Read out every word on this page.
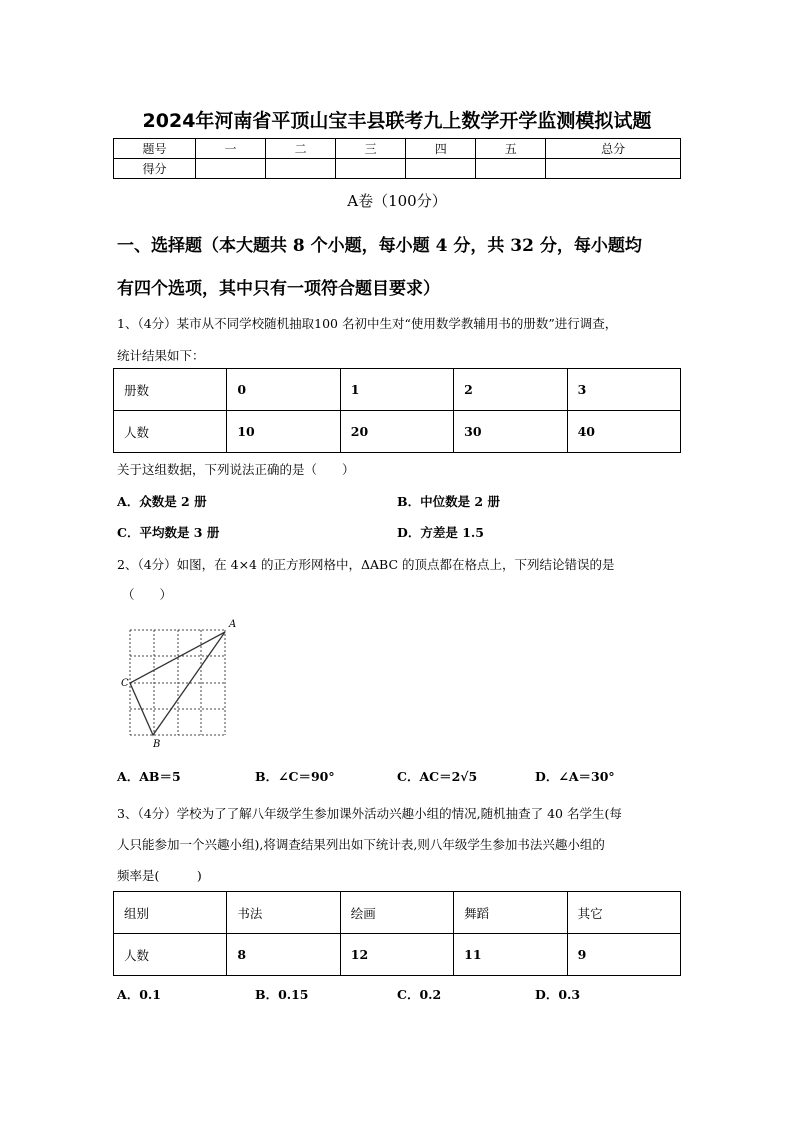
2024年河南省平顶山宝丰县联考九上数学开学监测模拟试题
题号	一	二	三	四	五	总分
得分						
A卷（100分）
一、选择题（本大题共 8 个小题，每小题 4 分，共 32 分，每小题均
有四个选项，其中只有一项符合题目要求）
1、（4分）某市从不同学校随机抽取100 名初中生对“使用数学教辅用书的册数”进行调查，
统计结果如下：
册数	0	1	2	3
人数	10	20	30	40
关于这组数据，下列说法正确的是（　　）
A．众数是 2 册	B．中位数是 2 册
C．平均数是 3 册	D．方差是 1.5
2、（4分）如图，在 4×4 的正方形网格中，ΔABC 的顶点都在格点上，下列结论错误的是
（　　）
A
B
C
A．AB＝5	B．∠C＝90°	C．AC＝2√5	D．∠A＝30°
3、（4分）学校为了了解八年级学生参加课外活动兴趣小组的情况,随机抽查了 40 名学生(每
人只能参加一个兴趣小组),将调查结果列出如下统计表,则八年级学生参加书法兴趣小组的
频率是(　　　)
组别	书法	绘画	舞蹈	其它
人数	8	12	11	9
A．0.1	B．0.15	C．0.2	D．0.3
